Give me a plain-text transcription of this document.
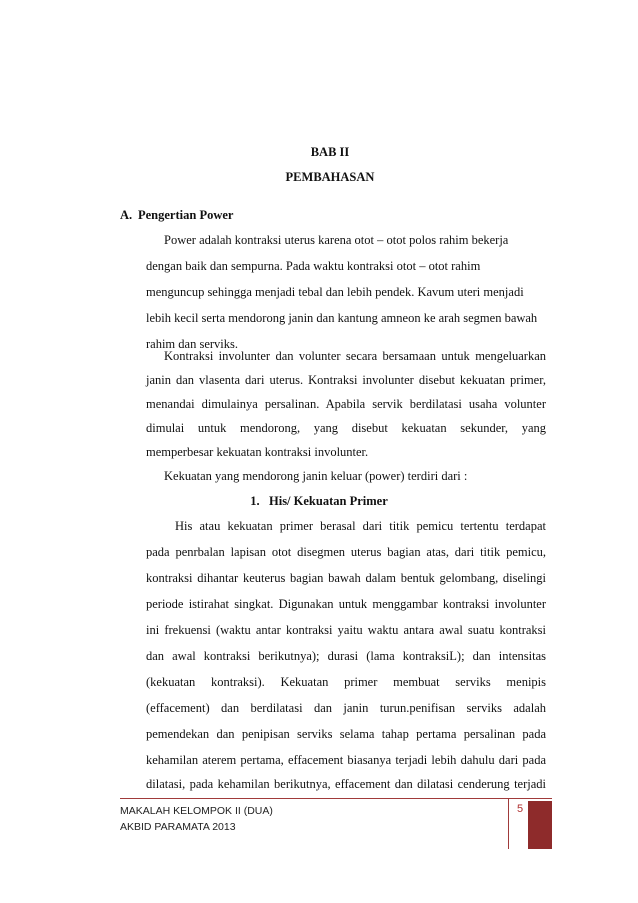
BAB II
PEMBAHASAN
A. Pengertian Power
Power adalah kontraksi uterus karena otot – otot polos rahim bekerja
dengan baik dan sempurna. Pada waktu kontraksi otot – otot rahim
menguncup sehingga menjadi tebal dan lebih pendek. Kavum uteri menjadi
lebih kecil serta mendorong janin dan kantung amneon ke arah segmen bawah
rahim dan serviks.
Kontraksi involunter dan volunter secara bersamaan untuk mengeluarkan
janin dan vlasenta dari uterus. Kontraksi involunter disebut kekuatan primer,
menandai dimulainya persalinan. Apabila servik berdilatasi usaha volunter
dimulai untuk mendorong, yang disebut kekuatan sekunder, yang
memperbesar kekuatan kontraksi involunter.
1. His/ Kekuatan Primer
His atau kekuatan primer berasal dari titik pemicu tertentu terdapat
pada penrbalan lapisan otot disegmen uterus bagian atas, dari titik pemicu,
kontraksi dihantar keuterus bagian bawah dalam bentuk gelombang, diselingi
periode istirahat singkat. Digunakan untuk menggambar kontraksi involunter
ini frekuensi (waktu antar kontraksi yaitu waktu antara awal suatu kontraksi
dan awal kontraksi berikutnya); durasi (lama kontraksiL); dan intensitas
(kekuatan kontraksi). Kekuatan primer membuat serviks menipis
(effacement) dan berdilatasi dan janin turun.penifisan serviks adalah
pemendekan dan penipisan serviks selama tahap pertama persalinan pada
kehamilan aterem pertama, effacement biasanya terjadi lebih dahulu dari pada
dilatasi, pada kehamilan berikutnya, effacement dan dilatasi cenderung terjadi
MAKALAH KELOMPOK II (DUA)
AKBID PARAMATA 2013
5
Kekuatan yang mendorong janin keluar (power) terdiri dari :
